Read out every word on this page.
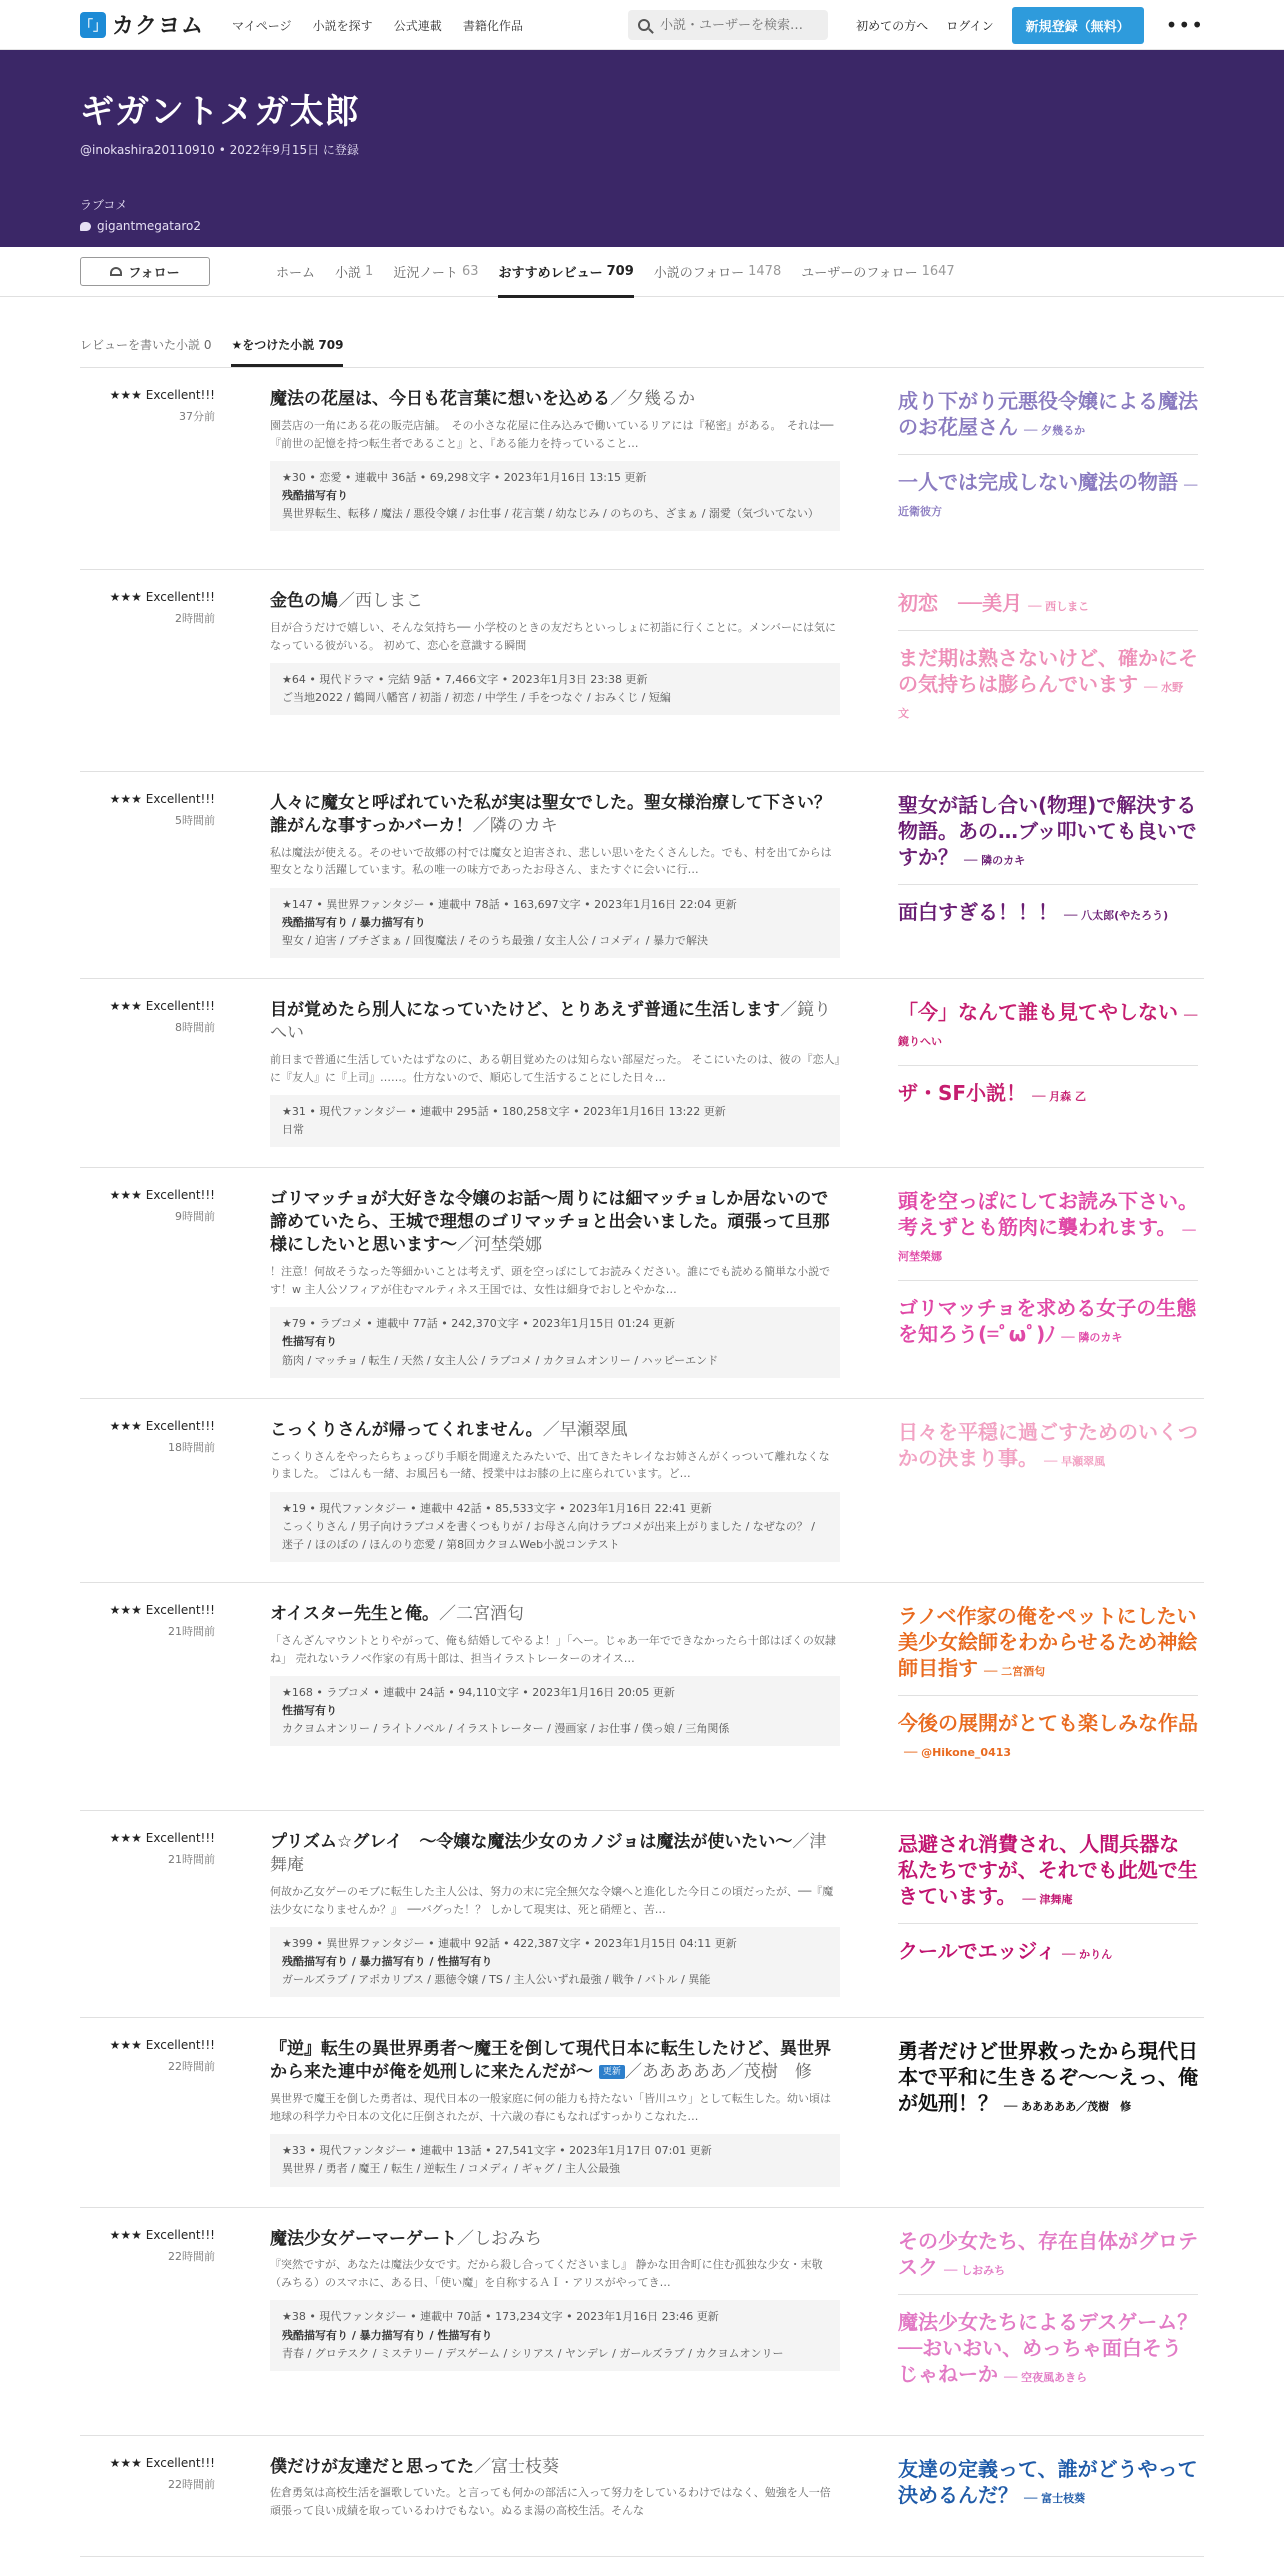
「」 カクヨム マイページ 小説を探す 公式連載 書籍化作品
小説・ユーザーを検索…	初めての方へ ログイン	新規登録（無料）	•••
ギガントメガ太郎
@inokashira20110910 • 2022年9月15日 に登録
ラブコメ
gigantmegataro2
フォロー	ホーム 小説 1 近況ノート 63 おすすめレビュー 709 小説のフォロー 1478 ユーザーのフォロー 1647
レビューを書いた小説 0 ★をつけた小説 709
★★★ Excellent!!!
37分前
魔法の花屋は、今日も花言葉に想いを込める／夕幾るか
園芸店の一角にある花の販売店舗。　その小さな花屋に住み込みで働いているリアには『秘密』がある。　それは──『前世の記憶を持つ転生者であること』と、『ある能力を持っていること…
★30 • 恋愛 • 連載中 36話 • 69,298文字 • 2023年1月16日 13:15 更新
残酷描写有り
異世界転生、転移 / 魔法 / 悪役令嬢 / お仕事 / 花言葉 / 幼なじみ / のちのち、ざまぁ / 溺愛（気づいてない）
成り下がり元悪役令嬢による魔法のお花屋さん ── 夕幾るか
一人では完成しない魔法の物語 ── 近衛彼方
★★★ Excellent!!!
2時間前
金色の鳩／西しまこ
目が合うだけで嬉しい、そんな気持ち── 小学校のときの友だちといっしょに初詣に行くことに。メンバーには気になっている彼がいる。 初めて、恋心を意識する瞬間
★64 • 現代ドラマ • 完結 9話 • 7,466文字 • 2023年1月3日 23:38 更新
ご当地2022 / 鶴岡八幡宮 / 初詣 / 初恋 / 中学生 / 手をつなぐ / おみくじ / 短編
初恋　──美月 ── 西しまこ
まだ期は熟さないけど、確かにその気持ちは膨らんでいます ── 水野　文
★★★ Excellent!!!
5時間前
人々に魔女と呼ばれていた私が実は聖女でした。聖女様治療して下さい？誰がんな事すっかバーカ！／隣のカキ
私は魔法が使える。そのせいで故郷の村では魔女と迫害され、悲しい思いをたくさんした。でも、村を出てからは聖女となり活躍しています。私の唯一の味方であったお母さん、またすぐに会いに行…
★147 • 異世界ファンタジー • 連載中 78話 • 163,697文字 • 2023年1月16日 22:04 更新
残酷描写有り / 暴力描写有り
聖女 / 迫害 / ブチざまぁ / 回復魔法 / そのうち最強 / 女主人公 / コメディ / 暴力で解決
聖女が話し合い(物理)で解決する物語。あの…ブッ叩いても良いですか？ ── 隣のカキ
面白すぎる！！！ ── 八太郎(やたろう)
★★★ Excellent!!!
8時間前
目が覚めたら別人になっていたけど、とりあえず普通に生活します／鏡りへい
前日まで普通に生活していたはずなのに、ある朝目覚めたのは知らない部屋だった。 そこにいたのは、彼の『恋人』に『友人』に『上司』……。仕方ないので、順応して生活することにした日々…
★31 • 現代ファンタジー • 連載中 295話 • 180,258文字 • 2023年1月16日 13:22 更新
日常
「今」なんて誰も見てやしない ── 鏡りへい
ザ・SF小説！ ── 月森 乙
★★★ Excellent!!!
9時間前
ゴリマッチョが大好きな令嬢のお話～周りには細マッチョしか居ないので諦めていたら、王城で理想のゴリマッチョと出会いました。頑張って旦那様にしたいと思います～／河埜榮娜
！注意！何故そうなった等細かいことは考えず、頭を空っぽにしてお読みください。誰にでも読める簡単な小説です！w 主人公ソフィアが住むマルティネス王国では、女性は細身でおしとやかな…
★79 • ラブコメ • 連載中 77話 • 242,370文字 • 2023年1月15日 01:24 更新
性描写有り
筋肉 / マッチョ / 転生 / 天然 / 女主人公 / ラブコメ / カクヨムオンリー / ハッピーエンド
頭を空っぽにしてお読み下さい。考えずとも筋肉に襲われます。 ── 河埜榮娜
ゴリマッチョを求める女子の生態を知ろう(=ﾟωﾟ)ﾉ ── 隣のカキ
★★★ Excellent!!!
18時間前
こっくりさんが帰ってくれません。／早瀬翠風
こっくりさんをやったらちょっぴり手順を間違えたみたいで、出てきたキレイなお姉さんがくっついて離れなくなりました。 ごはんも一緒、お風呂も一緒、授業中はお膝の上に座られています。ど…
★19 • 現代ファンタジー • 連載中 42話 • 85,533文字 • 2023年1月16日 22:41 更新
こっくりさん / 男子向けラブコメを書くつもりが / お母さん向けラブコメが出来上がりました / なぜなの？ / 迷子 / ほのぼの / ほんのり恋愛 / 第8回カクヨムWeb小説コンテスト
日々を平穏に過ごすためのいくつかの決まり事。 ── 早瀬翠風
★★★ Excellent!!!
21時間前
オイスター先生と俺。／二宮酒匂
「さんざんマウントとりやがって、俺も結婚してやるよ！」「へー。じゃあ一年でできなかったら十郎はぼくの奴隷ね」 売れないラノベ作家の有馬十郎は、担当イラストレーターのオイス…
★168 • ラブコメ • 連載中 24話 • 94,110文字 • 2023年1月16日 20:05 更新
性描写有り
カクヨムオンリー / ライトノベル / イラストレーター / 漫画家 / お仕事 / 僕っ娘 / 三角関係
ラノベ作家の俺をペットにしたい美少女絵師をわからせるため神絵師目指す ── 二宮酒匂
今後の展開がとても楽しみな作品── @Hikone_0413
★★★ Excellent!!!
21時間前
プリズム☆グレイ　～令嬢な魔法少女のカノジョは魔法が使いたい～／津舞庵
何故か乙女ゲーのモブに転生した主人公は、努力の末に完全無欠な令嬢へと進化した今日この頃だったが、──『魔法少女になりませんか？』　──バグった！？ しかして現実は、死と硝煙と、苦…
★399 • 異世界ファンタジー • 連載中 92話 • 422,387文字 • 2023年1月15日 04:11 更新
残酷描写有り / 暴力描写有り / 性描写有り
ガールズラブ / アポカリプス / 悪徳令嬢 / TS / 主人公いずれ最強 / 戦争 / バトル / 異能
忌避され消費され、人間兵器な私たちですが、それでも此処で生きています。 ── 津舞庵
クールでエッジィ ── かりん
★★★ Excellent!!!
22時間前
『逆』転生の異世界勇者～魔王を倒して現代日本に転生したけど、異世界から来た連中が俺を処刑しに来たんだが～ 更新 ／あああああ／茂樹　修
異世界で魔王を倒した勇者は、現代日本の一般家庭に何の能力も持たない「皆川ユウ」として転生した。幼い頃は地球の科学力や日本の文化に圧倒されたが、十六歳の春にもなればすっかりこなれた…
★33 • 現代ファンタジー • 連載中 13話 • 27,541文字 • 2023年1月17日 07:01 更新
異世界 / 勇者 / 魔王 / 転生 / 逆転生 / コメディ / ギャグ / 主人公最強
勇者だけど世界救ったから現代日本で平和に生きるぞ～～えっ、俺が処刑！？ ── あああああ／茂樹　修
★★★ Excellent!!!
22時間前
魔法少女ゲーマーゲート／しおみち
『突然ですが、あなたは魔法少女です。だから殺し合ってくださいまし』 静かな田舎町に住む孤独な少女・末敬（みちる）のスマホに、ある日、「使い魔」を自称するＡＩ・アリスがやってき…
★38 • 現代ファンタジー • 連載中 70話 • 173,234文字 • 2023年1月16日 23:46 更新
残酷描写有り / 暴力描写有り / 性描写有り
青春 / グロテスク / ミステリー / デスゲーム / シリアス / ヤンデレ / ガールズラブ / カクヨムオンリー
その少女たち、存在自体がグロテスク ── しおみち
魔法少女たちによるデスゲーム？──おいおい、めっちゃ面白そうじゃねーか ── 空夜風あきら
★★★ Excellent!!!
22時間前
僕だけが友達だと思ってた／富士枝葵
佐倉勇気は高校生活を謳歌していた。と言っても何かの部活に入って努力をしているわけではなく、勉強を人一倍頑張って良い成績を取っているわけでもない。ぬるま湯の高校生活。そんな
友達の定義って、誰がどうやって決めるんだ？ ── 富士枝葵
